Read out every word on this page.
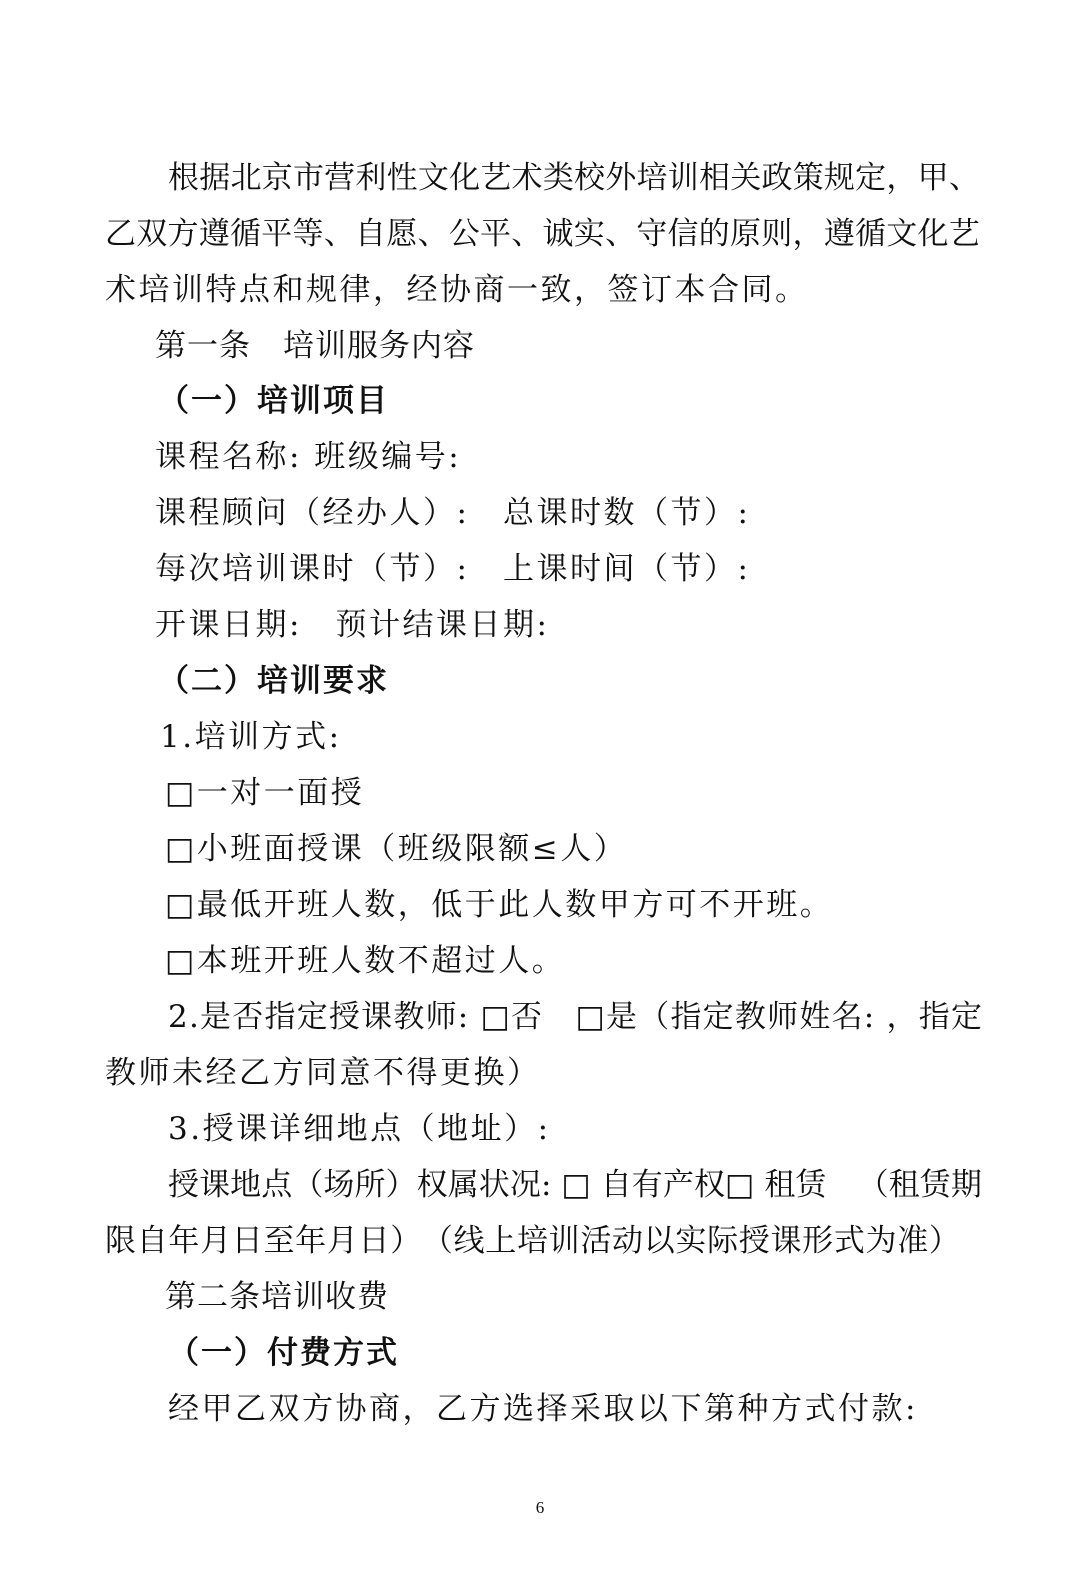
根 据 北 京 市 营 利 性 文 化 艺 术 类 校 外 培 训 相 关 政 策 规 定 ， 甲 、
乙 双 方 遵 循 平 等 、 自 愿 、 公 平 、 诚 实 、 守 信 的 原 则 ， 遵 循 文 化 艺
术培训特点和规律，经协商一致，签订本合同。
第一条　培训服务内容
（一）培训项目
课程名称: 班级编号:
课程顾问（经办人）:　总课时数（节）:
每次培训课时（节）:　上课时间（节）:
开课日期:　预计结课日期:
（二）培训要求
1.培训方式:
□一对一面授
□小班面授课（班级限额≤人）
□最低开班人数，低于此人数甲方可不开班。
□本班开班人数不超过人。
2 . 是 否 指 定 授 课 教 师 :
□ 否
　 □ 是 （ 指 定 教 师 姓 名 :
， 指 定
教师未经乙方同意不得更换）
3.授课详细地点（地址）:
授 课 地 点 （ 场 所 ） 权 属 状 况 :
□
自 有 产 权 □
租 赁
　 （ 租 赁 期
限 自 年 月 日 至 年 月 日 ） （ 线 上 培 训 活 动 以 实 际 授 课 形 式 为 准 ）
第二条培训收费
（一）付费方式
经甲乙双方协商，乙方选择采取以下第种方式付款:
6
